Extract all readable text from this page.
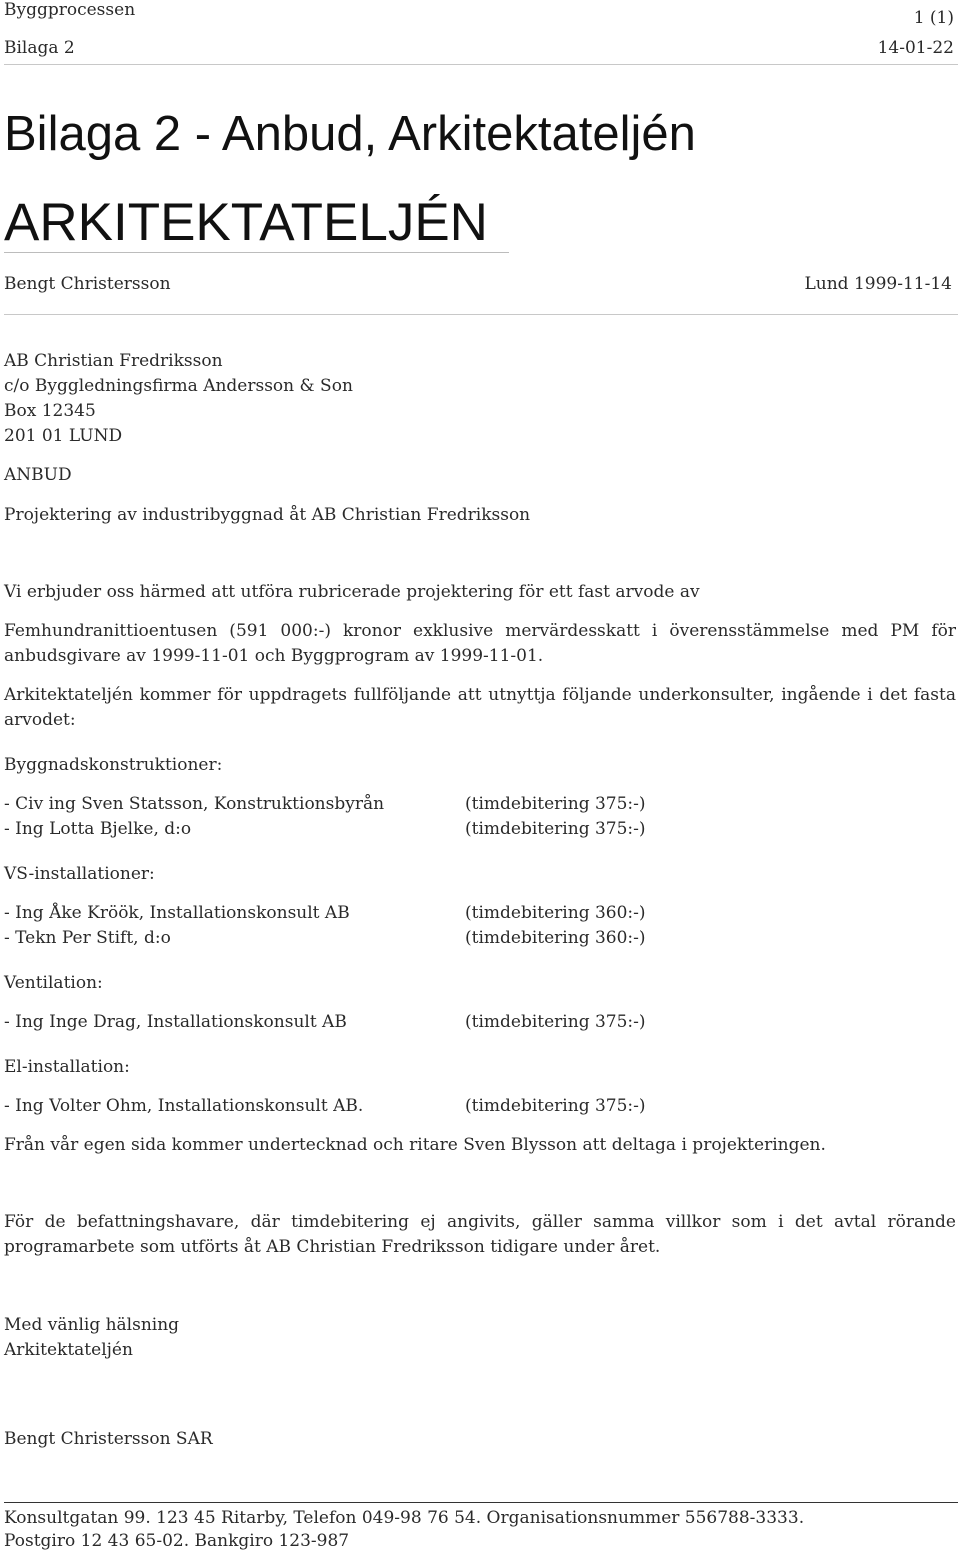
Byggprocessen	1 (1)
Bilaga 2	14-01-22
Bilaga 2 - Anbud, Arkitektateljén
ARKITEKTATELJÉN
Bengt Christersson	Lund 1999-11-14
AB Christian Fredriksson
c/o Byggledningsfirma Andersson & Son
Box 12345
201 01 LUND
ANBUD
Projektering av industribyggnad åt AB Christian Fredriksson
Vi erbjuder oss härmed att utföra rubricerade projektering för ett fast arvode av
Femhundranittioentusen (591 000:-) kronor exklusive mervärdesskatt i överensstämmelse med PM för
anbudsgivare av 1999-11-01 och Byggprogram av 1999-11-01.
Arkitektateljén kommer för uppdragets fullföljande att utnyttja följande underkonsulter, ingående i det fasta
arvodet:
Byggnadskonstruktioner:
- Civ ing Sven Statsson, Konstruktionsbyrån	(timdebitering 375:-)
- Ing Lotta Bjelke, d:o	(timdebitering 375:-)
VS-installationer:
- Ing Åke Kröök, Installationskonsult AB	(timdebitering 360:-)
- Tekn Per Stift, d:o	(timdebitering 360:-)
Ventilation:
- Ing Inge Drag, Installationskonsult AB	(timdebitering 375:-)
El-installation:
- Ing Volter Ohm, Installationskonsult AB.	(timdebitering 375:-)
Från vår egen sida kommer undertecknad och ritare Sven Blysson att deltaga i projekteringen.
För de befattningshavare, där timdebitering ej angivits, gäller samma villkor som i det avtal rörande
programarbete som utförts åt AB Christian Fredriksson tidigare under året.
Med vänlig hälsning
Arkitektateljén
Bengt Christersson SAR
Konsultgatan 99. 123 45 Ritarby, Telefon 049-98 76 54. Organisationsnummer 556788-3333.
Postgiro 12 43 65-02. Bankgiro 123-987
